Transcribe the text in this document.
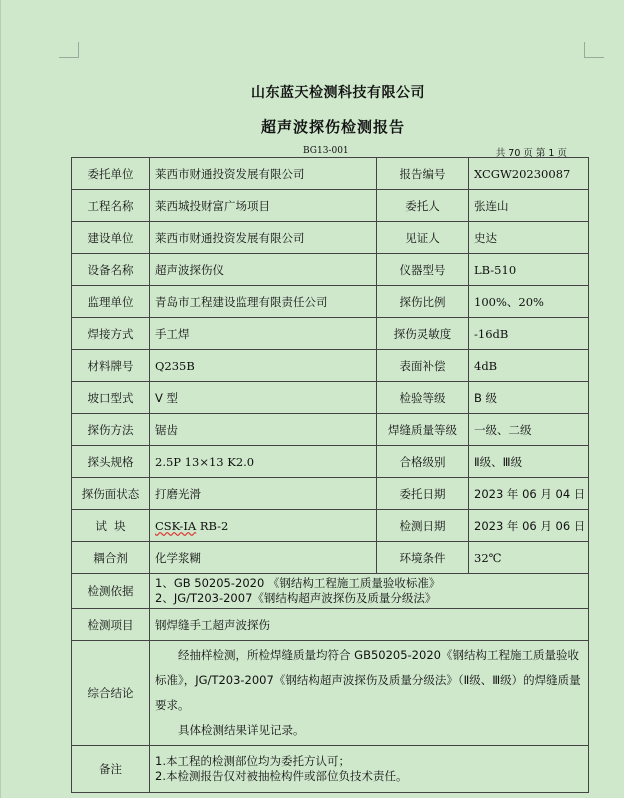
山东蓝天检测科技有限公司
超声波探伤检测报告
BG13-001	共 70 页 第 1 页
委托单位	莱西市财通投资发展有限公司	报告编号	XCGW20230087
工程名称	莱西城投财富广场项目	委托人	张连山
建设单位	莱西市财通投资发展有限公司	见证人	史达
设备名称	超声波探伤仪	仪器型号	LB-510
监理单位	青岛市工程建设监理有限责任公司	探伤比例	100%、20%
焊接方式	手工焊	探伤灵敏度	-16dB
材料牌号	Q235B	表面补偿	4dB
坡口型式	V 型	检验等级	B 级
探伤方法	锯齿	焊缝质量等级	一级、二级
探头规格	2.5P 13×13 K2.0	合格级别	Ⅱ级、Ⅲ级
探伤面状态	打磨光滑	委托日期	2023 年 06 月 04 日
试  块	CSK-ⅠA RB-2	检测日期	2023 年 06 月 06 日
耦合剂	化学浆糊	环境条件	32℃
检测依据	1、GB 50205-2020 《钢结构工程施工质量验收标准》
2、JG/T203-2007《钢结构超声波探伤及质量分级法》		

检测项目	钢焊缝手工超声波探伤		
综合结论	经抽样检测，所检焊缝质量均符合 GB50205-2020《钢结构工程施工质量验收标准》，JG/T203-2007《钢结构超声波探伤及质量分级法》（Ⅱ级、Ⅲ级）的焊缝质量要求。
具体检测结果详见记录。		

备注	1.本工程的检测部位均为委托方认可；
2.本检测报告仅对被抽检构件或部位负技术责任。		
